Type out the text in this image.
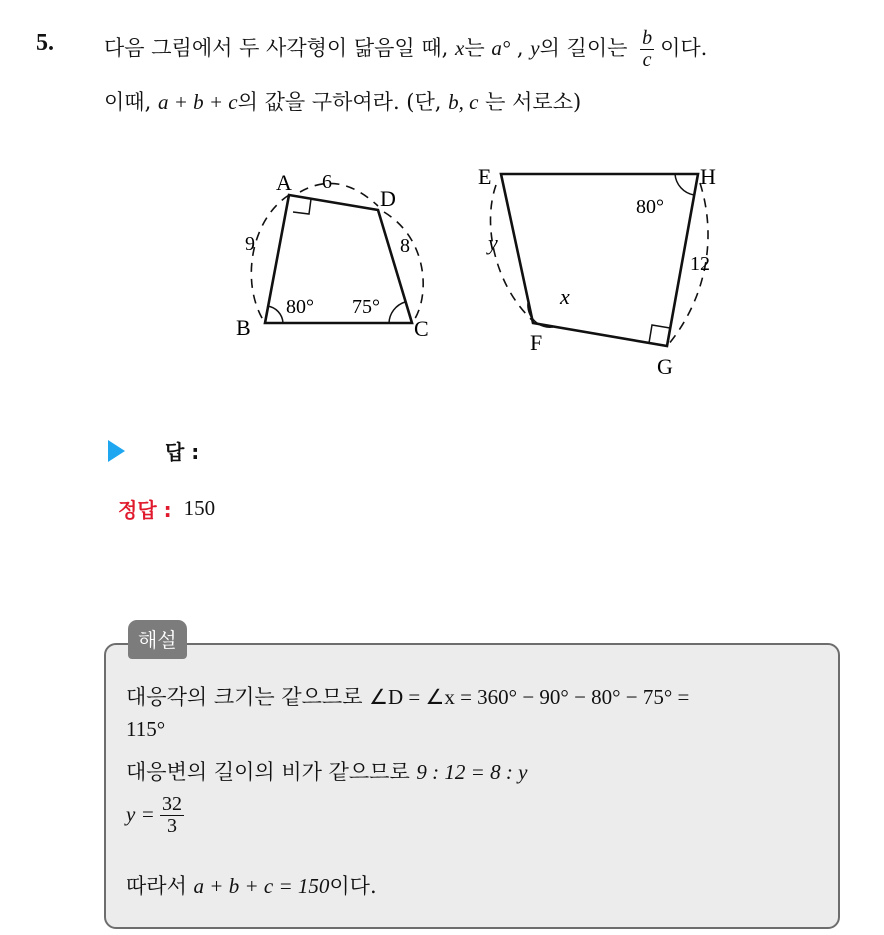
5. 다음 그림에서 두 사각형이 닮음일 때, x는 a° , y의 길이는 $\frac{b}{c}$ 이다.
이때, a + b + c의 값을 구하여라. (단, b, c 는 서로소)
A
B	C
D
6
9	8
80° 75°
E
F
G
H
y
12
80°
x
답 :
정답 : 150
해설
대응각의 크기는 같으므로 ∠D = ∠x = 360° − 90° − 80° − 75° =
115°
대응변의 길이의 비가 같으므로 9 : 12 = 8 : y
$y = \frac{32}{3}$
따라서 a + b + c = 150이다.
